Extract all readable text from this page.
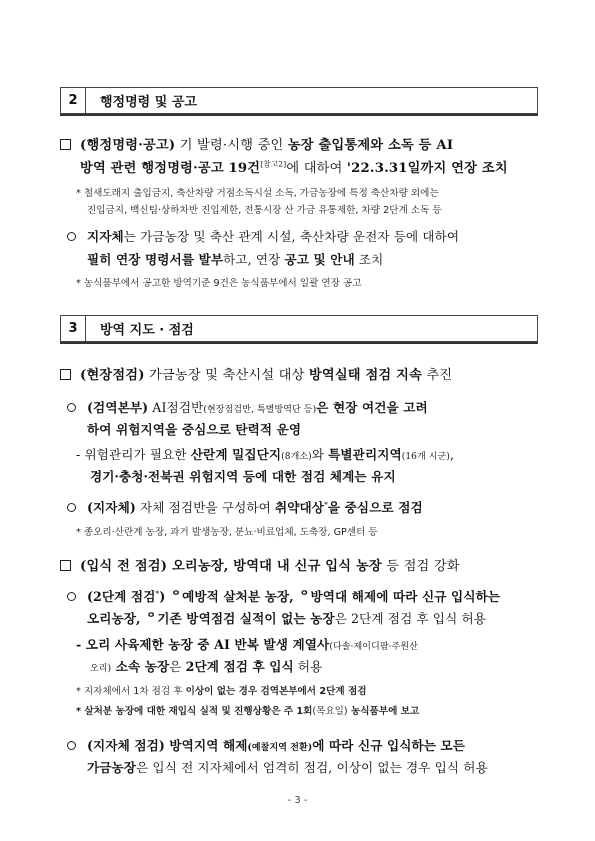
2	행정명령 및 공고
(행정명령·공고) 기 발령·시행 중인 농장 출입통제와 소독 등 AI
방역 관련 행정명령·공고 19건[참고2]에 대하여 '22.3.31일까지 연장 조치
* 철새도래지 출입금지, 축산차량 거점소독시설 소독, 가금농장에 특정 축산차량 외에는
진입금지, 백신팀·상하차반 진입제한, 전통시장 산 가금 유통제한, 차량 2단계 소독 등
지자체는 가금농장 및 축산 관계 시설, 축산차량 운전자 등에 대하여
필히 연장 명령서를 발부하고, 연장 공고 및 안내 조치
* 농식품부에서 공고한 방역기준 9건은 농식품부에서 일괄 연장 공고
3	방역 지도 · 점검
(현장점검) 가금농장 및 축산시설 대상 방역실태 점검 지속 추진
(검역본부) AI점검반(현장점검반, 특별방역단 등)은 현장 여건을 고려
하여 위험지역을 중심으로 탄력적 운영
- 위험관리가 필요한 산란계 밀집단지(8개소)와 특별관리지역(16개 시군),
경기·충청·전북권 위험지역 등에 대한 점검 체계는 유지
(지자체) 자체 점검반을 구성하여 취약대상*을 중심으로 점검
* 종오리·산란계 농장, 과거 발생농장, 분뇨·비료업체, 도축장, GP센터 등
(입식 전 점검) 오리농장, 방역대 내 신규 입식 농장 등 점검 강화
(2단계 점검*) ᄋ예방적 살처분 농장, ᄋ방역대 해제에 따라 신규 입식하는
오리농장, ᄋ기존 방역점검 실적이 없는 농장은 2단계 점검 후 입식 허용
- 오리 사육제한 농장 중 AI 반복 발생 계열사(다솔·제이디팜·주원산
오리) 소속 농장은 2단계 점검 후 입식 허용
* 지자체에서 1차 점검 후 이상이 없는 경우 검역본부에서 2단계 점검
* 살처분 농장에 대한 재입식 실적 및 진행상황은 주 1회(목요일) 농식품부에 보고
(지자체 점검) 방역지역 해제(예찰지역 전환)에 따라 신규 입식하는 모든
가금농장은 입식 전 지자체에서 엄격히 점검, 이상이 없는 경우 입식 허용
- 3 -
